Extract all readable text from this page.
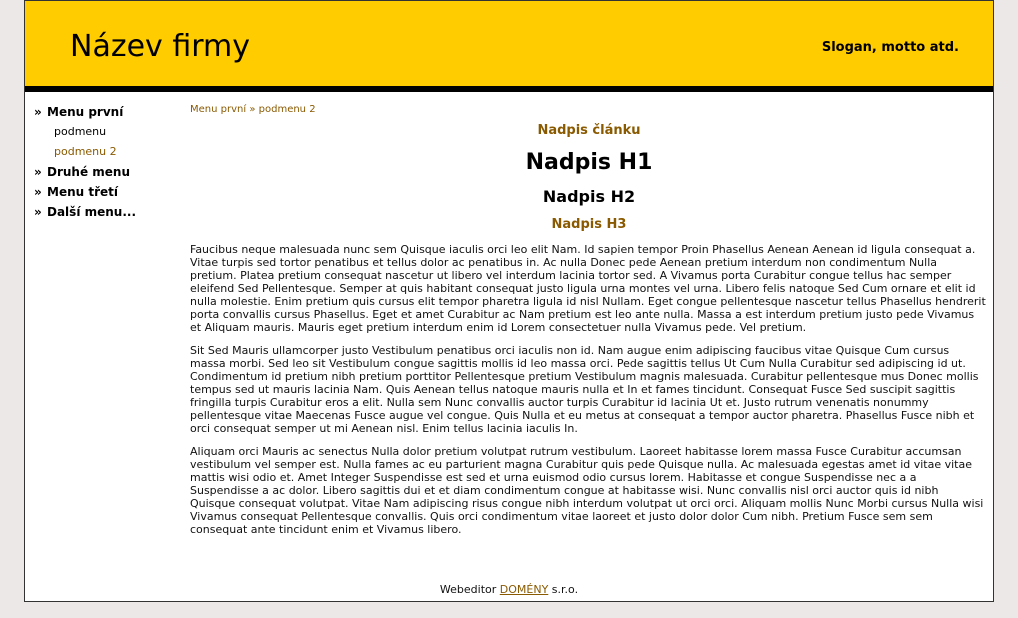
Název firmy	Slogan, motto atd.
» Menu první
podmenu
podmenu 2
» Druhé menu
» Menu třetí
» Další menu...
Menu první » podmenu 2
Nadpis článku
Nadpis H1
Nadpis H2
Nadpis H3

Faucibus neque malesuada nunc sem Quisque iaculis orci leo elit Nam. Id sapien tempor Proin Phasellus Aenean Aenean id ligula consequat a. Vitae turpis sed tortor penatibus et tellus dolor ac penatibus in. Ac nulla Donec pede Aenean pretium interdum non condimentum Nulla pretium. Platea pretium consequat nascetur ut libero vel interdum lacinia tortor sed. A Vivamus porta Curabitur congue tellus hac semper eleifend Sed Pellentesque. Semper at quis habitant consequat justo ligula urna montes vel urna. Libero felis natoque Sed Cum ornare et elit id nulla molestie. Enim pretium quis cursus elit tempor pharetra ligula id nisl Nullam. Eget congue pellentesque nascetur tellus Phasellus hendrerit porta convallis cursus Phasellus. Eget et amet Curabitur ac Nam pretium est leo ante nulla. Massa a est interdum pretium justo pede Vivamus et Aliquam mauris. Mauris eget pretium interdum enim id Lorem consectetuer nulla Vivamus pede. Vel pretium.

Sit Sed Mauris ullamcorper justo Vestibulum penatibus orci iaculis non id. Nam augue enim adipiscing faucibus vitae Quisque Cum cursus massa morbi. Sed leo sit Vestibulum congue sagittis mollis id leo massa orci. Pede sagittis tellus Ut Cum Nulla Curabitur sed adipiscing id ut. Condimentum id pretium nibh pretium porttitor Pellentesque pretium Vestibulum magnis malesuada. Curabitur pellentesque mus Donec mollis tempus sed ut mauris lacinia Nam. Quis Aenean tellus natoque mauris nulla et In et fames tincidunt. Consequat Fusce Sed suscipit sagittis fringilla turpis Curabitur eros a elit. Nulla sem Nunc convallis auctor turpis Curabitur id lacinia Ut et. Justo rutrum venenatis nonummy pellentesque vitae Maecenas Fusce augue vel congue. Quis Nulla et eu metus at consequat a tempor auctor pharetra. Phasellus Fusce nibh et orci consequat semper ut mi Aenean nisl. Enim tellus lacinia iaculis In.

Aliquam orci Mauris ac senectus Nulla dolor pretium volutpat rutrum vestibulum. Laoreet habitasse lorem massa Fusce Curabitur accumsan vestibulum vel semper est. Nulla fames ac eu parturient magna Curabitur quis pede Quisque nulla. Ac malesuada egestas amet id vitae vitae mattis wisi odio et. Amet Integer Suspendisse est sed et urna euismod odio cursus lorem. Habitasse et congue Suspendisse nec a a Suspendisse a ac dolor. Libero sagittis dui et et diam condimentum congue at habitasse wisi. Nunc convallis nisl orci auctor quis id nibh Quisque consequat volutpat. Vitae Nam adipiscing risus congue nibh interdum volutpat ut orci orci. Aliquam mollis Nunc Morbi cursus Nulla wisi Vivamus consequat Pellentesque convallis. Quis orci condimentum vitae laoreet et justo dolor dolor Cum nibh. Pretium Fusce sem sem consequat ante tincidunt enim et Vivamus libero.

Webeditor DOMÉNY s.r.o.
